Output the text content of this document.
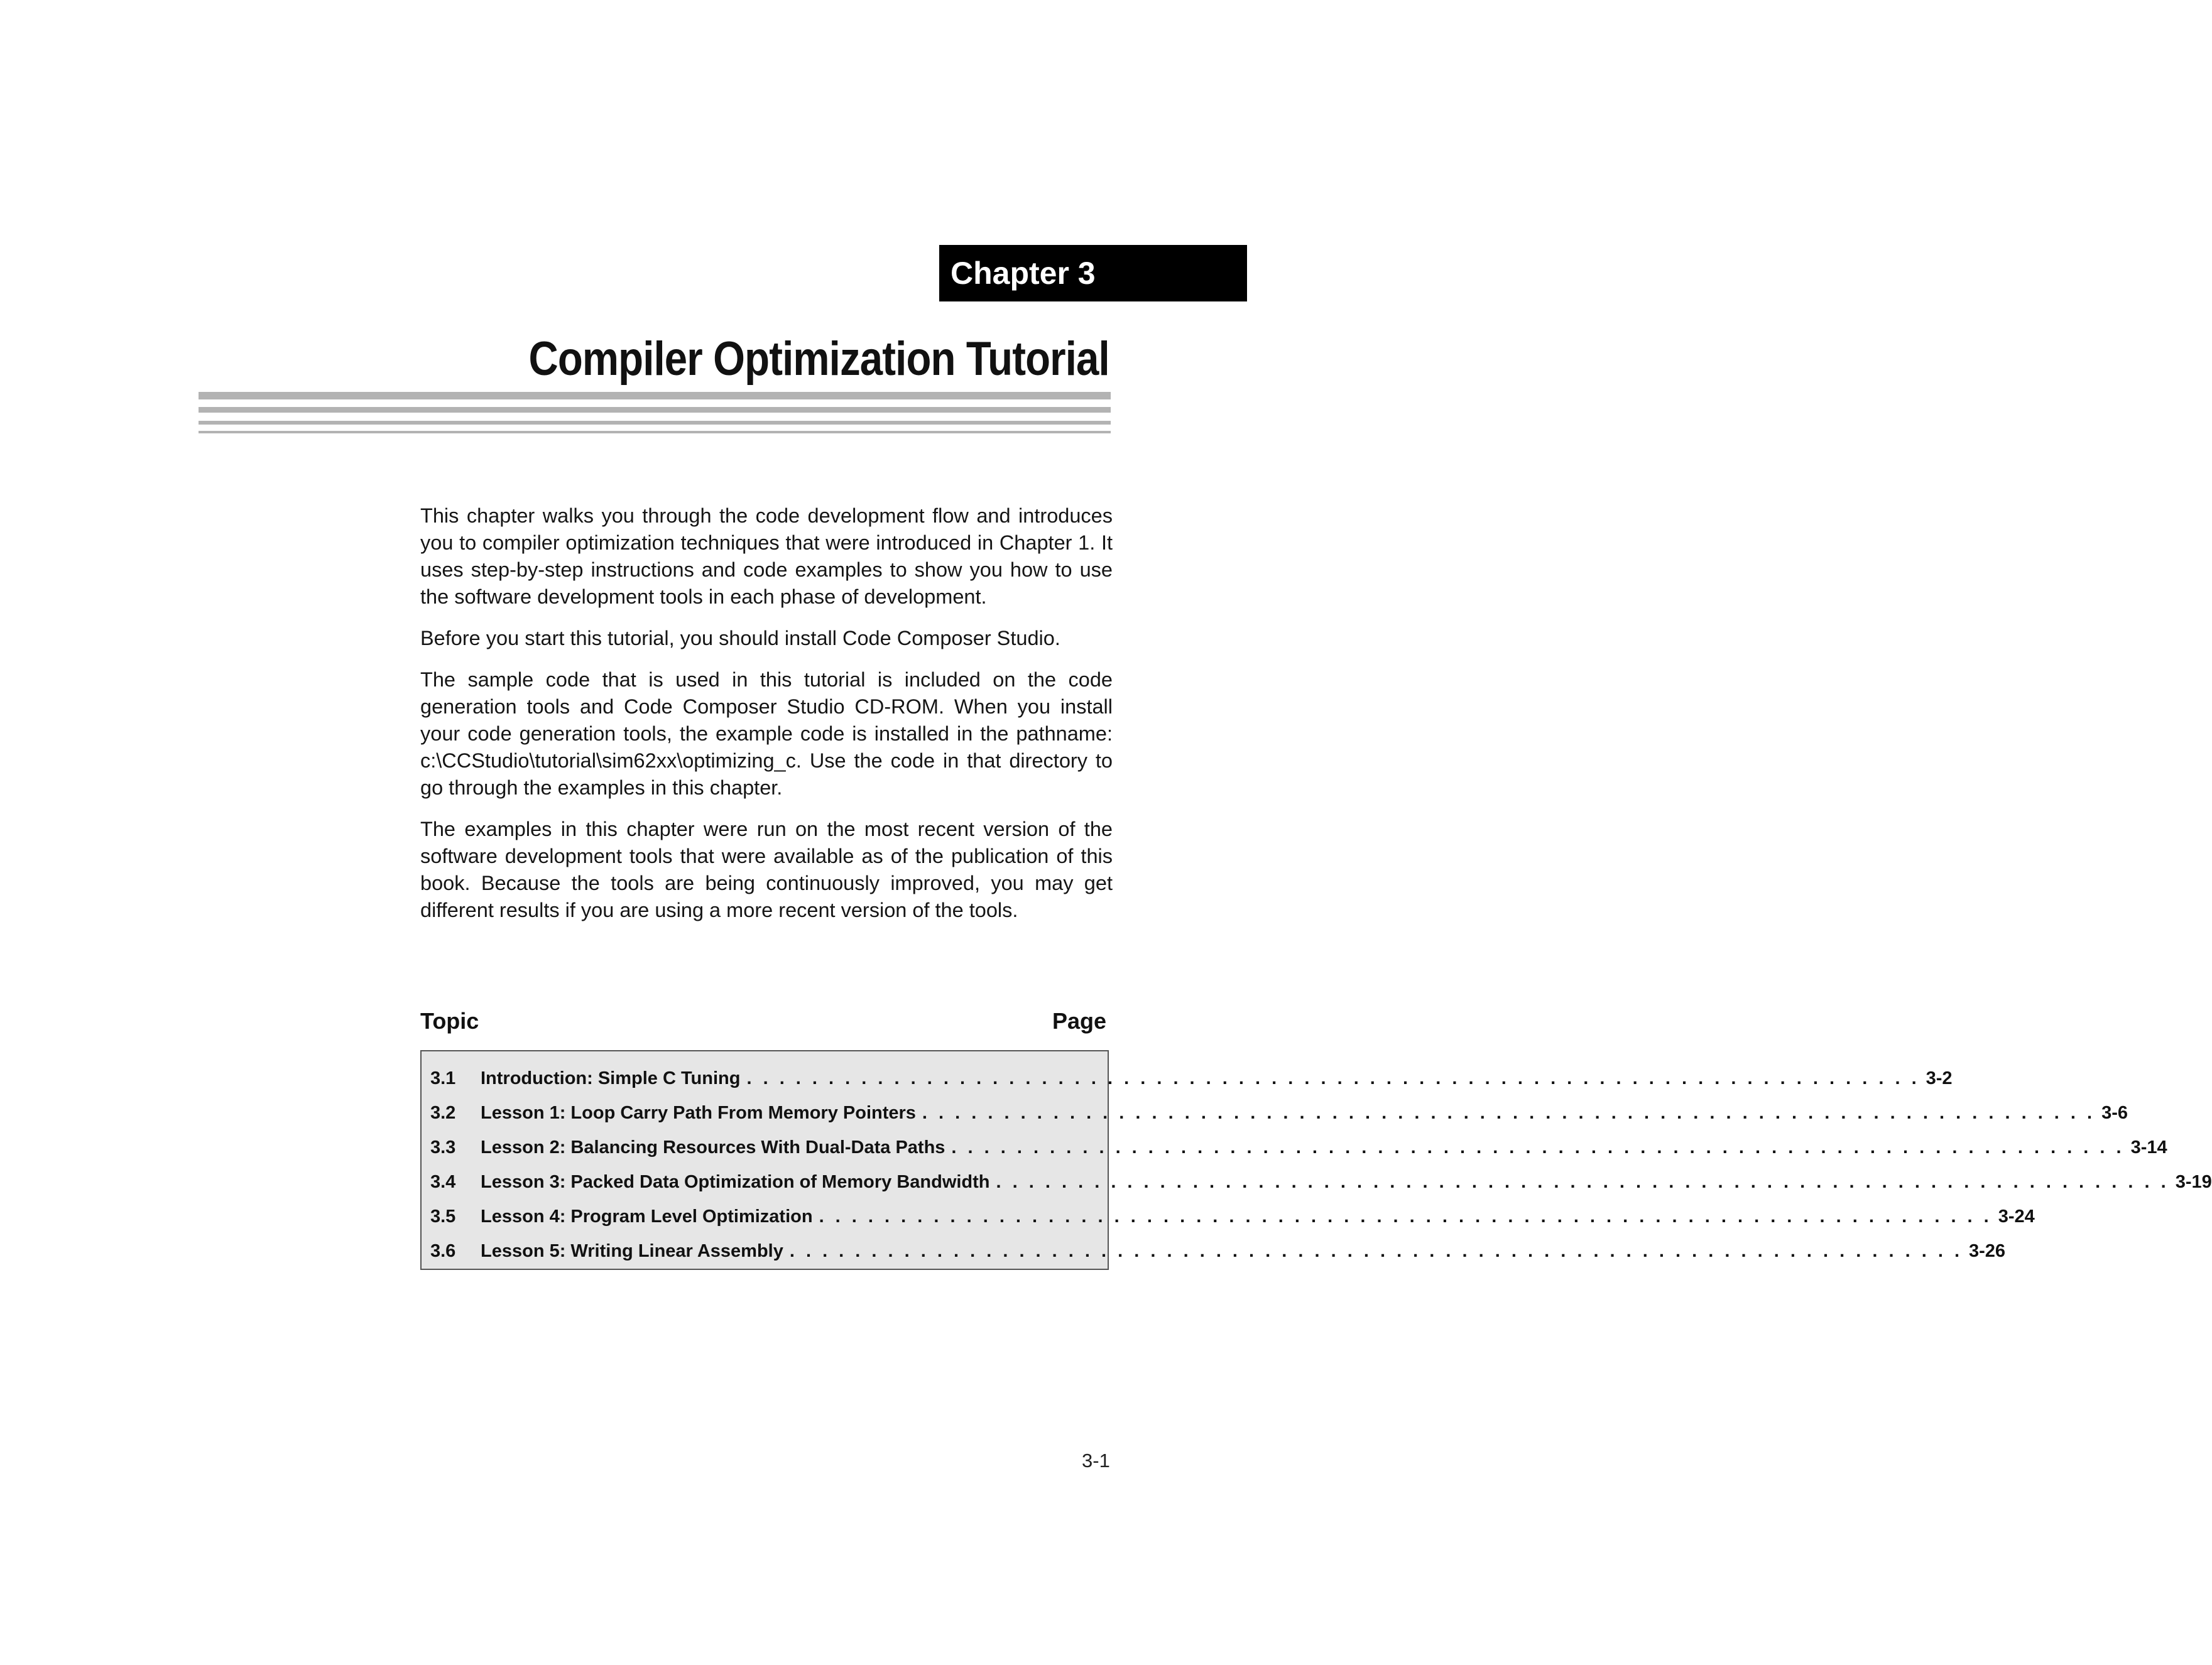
Chapter 3
Compiler Optimization Tutorial

This chapter walks you through the code development flow and introduces you to compiler optimization techniques that were introduced in Chapter 1. It uses step-by-step instructions and code examples to show you how to use the software development tools in each phase of development.

Before you start this tutorial, you should install Code Composer Studio.

The sample code that is used in this tutorial is included on the code generation tools and Code Composer Studio CD-ROM. When you install your code generation tools, the example code is installed in the pathname: c:\CCStudio\tutorial\sim62xx\optimizing_c. Use the code in that directory to go through the examples in this chapter.

The examples in this chapter were run on the most recent version of the software development tools that were available as of the publication of this book. Because the tools are being continuously improved, you may get different results if you are using a more recent version of the tools.

Topic	Page
3.1	Introduction: Simple C Tuning . . . . . . . . . . . . . . . . . . . . . . . . . . . . . . . . . . . . . . . . . . . . . . . . . . . . . . . . . . . . . . . . . . . . . . . . 3-2
3.2	Lesson 1: Loop Carry Path From Memory Pointers . . . . . . . . . . . . . . . . . . . . . . . . . . . . . . . . . . . . . . . . . . . . . . . . . . . . . . . . . . . . . . . . . . . . . . . . 3-6
3.3	Lesson 2: Balancing Resources With Dual-Data Paths . . . . . . . . . . . . . . . . . . . . . . . . . . . . . . . . . . . . . . . . . . . . . . . . . . . . . . . . . . . . . . . . . . . . . . . . 3-14
3.4	Lesson 3: Packed Data Optimization of Memory Bandwidth . . . . . . . . . . . . . . . . . . . . . . . . . . . . . . . . . . . . . . . . . . . . . . . . . . . . . . . . . . . . . . . . . . . . . . . . 3-19
3.5	Lesson 4: Program Level Optimization . . . . . . . . . . . . . . . . . . . . . . . . . . . . . . . . . . . . . . . . . . . . . . . . . . . . . . . . . . . . . . . . . . . . . . . . 3-24
3.6	Lesson 5: Writing Linear Assembly . . . . . . . . . . . . . . . . . . . . . . . . . . . . . . . . . . . . . . . . . . . . . . . . . . . . . . . . . . . . . . . . . . . . . . . . 3-26
3-1
